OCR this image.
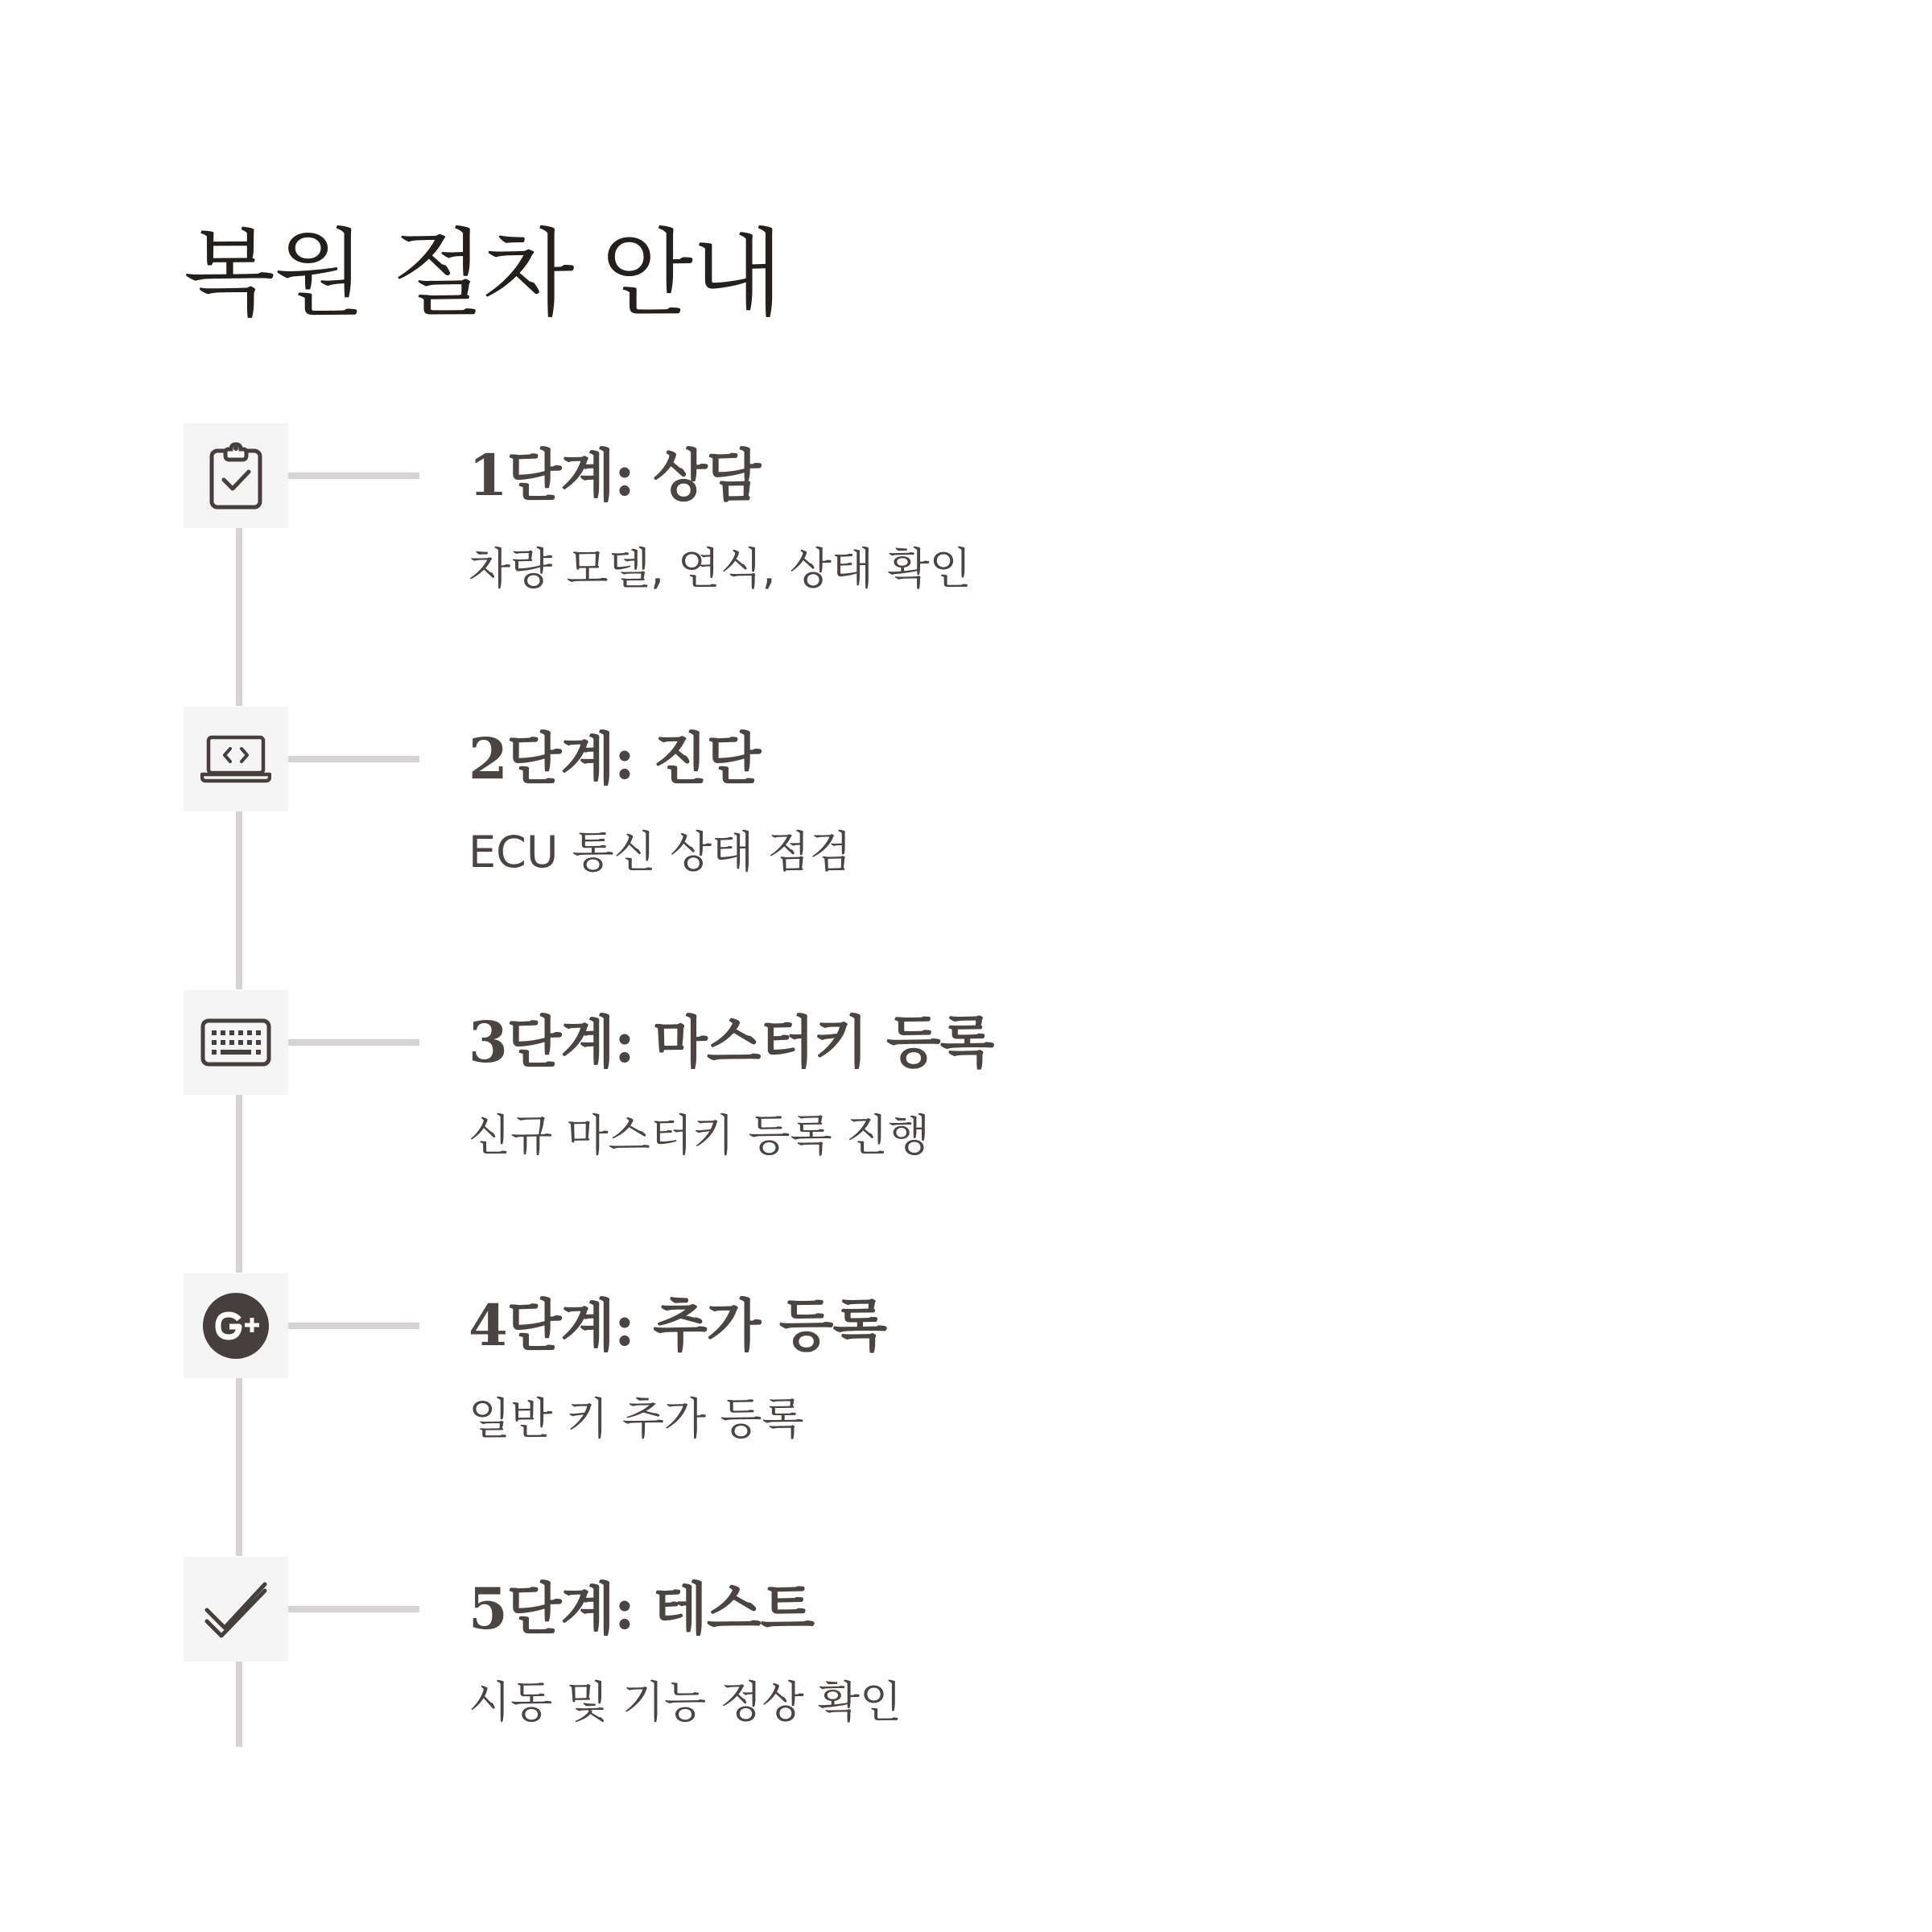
복원 절차 안내
1단계: 상담

차량 모델, 연식, 상태 확인

2단계: 진단

ECU 통신 상태 점검

3단계: 마스터키 등록

신규 마스터키 등록 진행

4단계: 추가 등록

일반 키 추가 등록

5단계: 테스트

시동 및 기능 정상 확인
